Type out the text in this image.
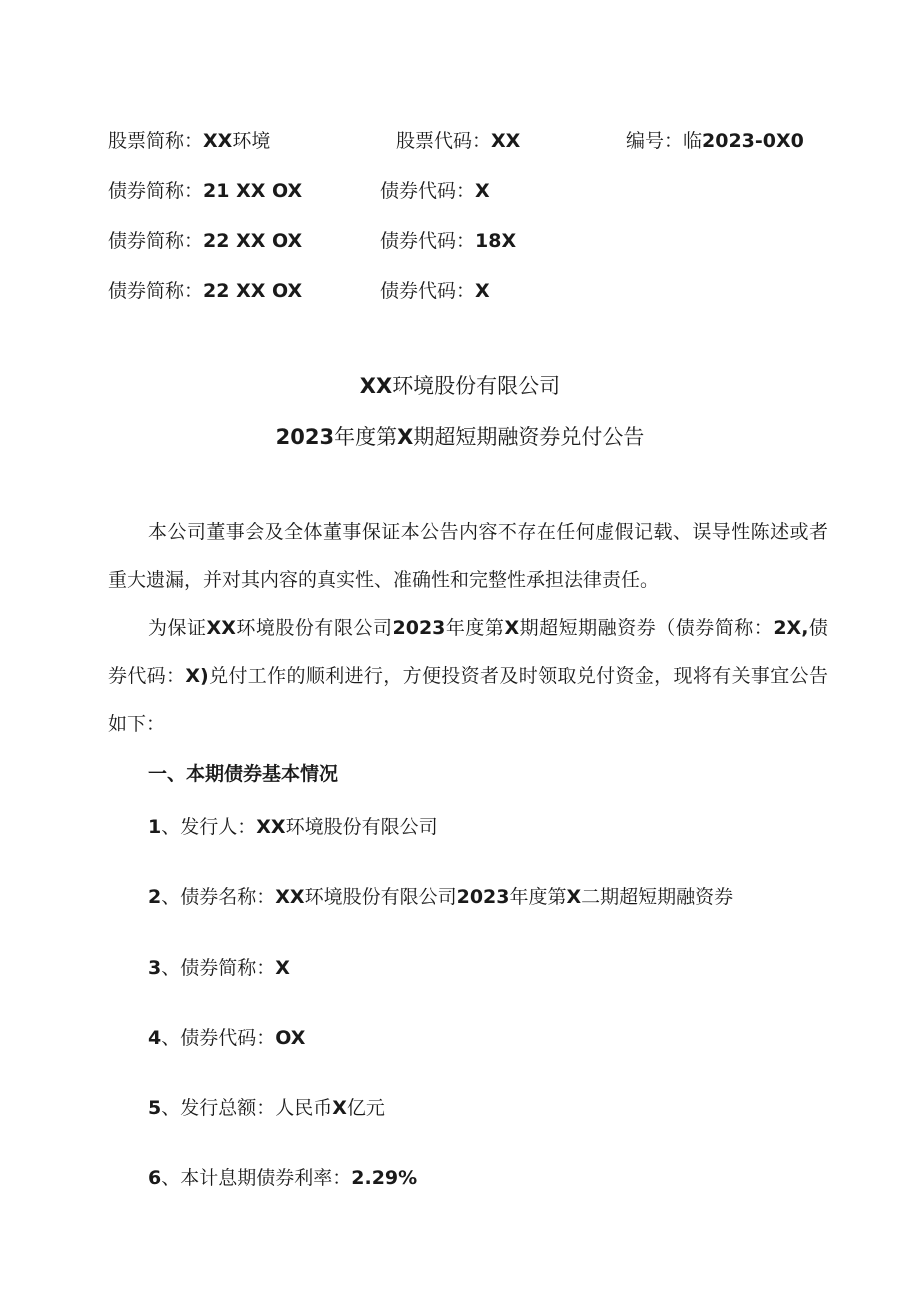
股票简称：XX环境	股票代码：XX	编号：临2023-0X0
债券简称：21 XX OX	债券代码：X
债券简称：22 XX OX	债券代码：18X
债券简称：22 XX OX	债券代码：X
XX环境股份有限公司
2023年度第X期超短期融资券兑付公告
本公司董事会及全体董事保证本公告内容不存在任何虚假记载、误导性陈述或者重大遗漏，并对其内容的真实性、准确性和完整性承担法律责任。
为保证XX环境股份有限公司2023年度第X期超短期融资券（债券简称：2X,债券代码：X)兑付工作的顺利进行，方便投资者及时领取兑付资金，现将有关事宜公告如下：
一、本期债券基本情况
1、发行人：XX环境股份有限公司
2、债券名称：XX环境股份有限公司2023年度第X二期超短期融资券
3、债券简称：X
4、债券代码：OX
5、发行总额：人民币X亿元
6、本计息期债券利率：2.29%
